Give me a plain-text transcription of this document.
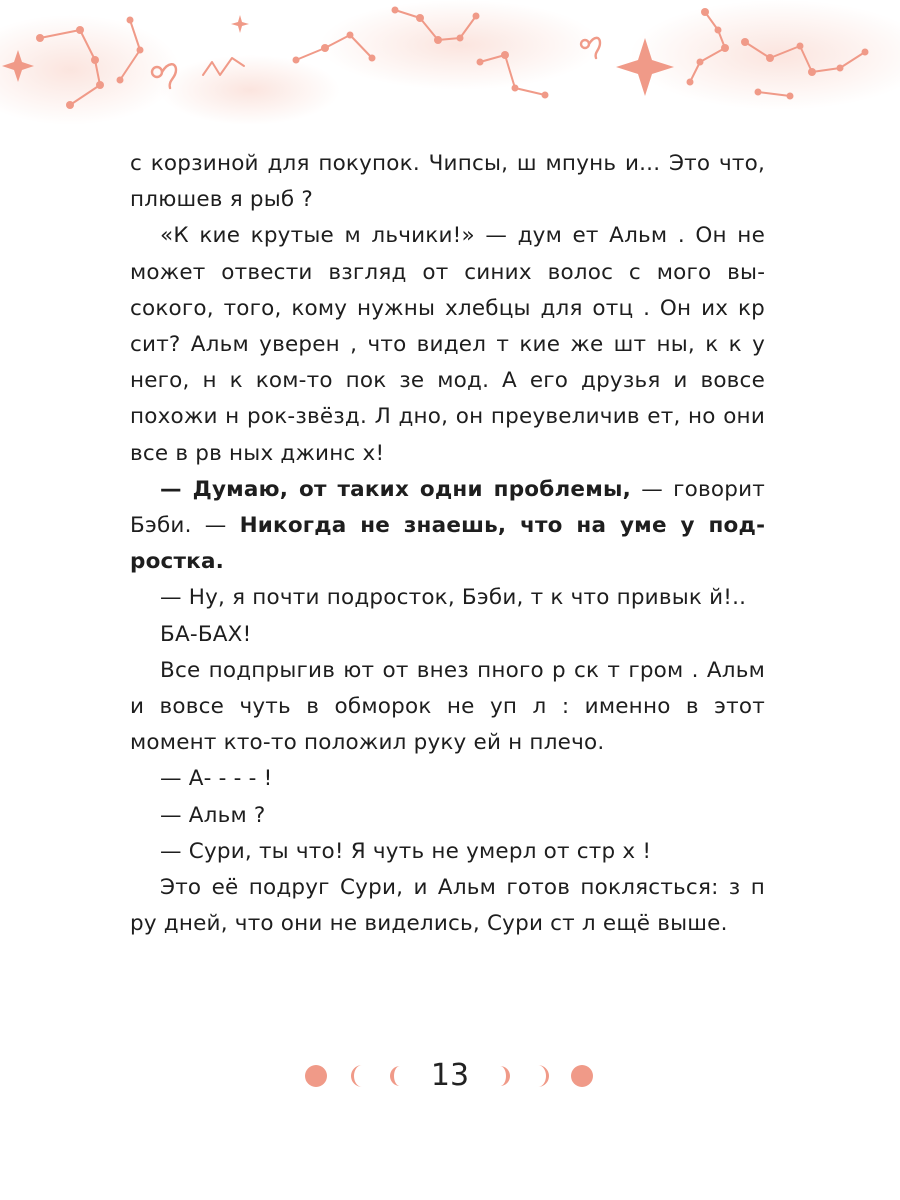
с корзиной для покупок. Чипсы, ш мпунь и... Это что, плюшев я рыб ?

«К кие крутые м льчики!» — дум ет Альм . Он не может отвести взгляд от синих волос с мого высокого, того, кому нужны хлебцы для отц . Он их кр сит? Альм уверен , что видел т кие же шт ны, к к у него, н к ком-то пок зе мод. А его друзья и вовсе похожи н рок-звёзд. Л дно, он преувеличив ет, но они все в рв ных джинс х!

— Думаю, от таких одни проблемы, — говорит Бэби. — Никогда не знаешь, что на уме у подростка.

— Ну, я почти подросток, Бэби, т к что привык й!..

БА-БАХ!

Все подпрыгив ют от внез пного р ск т гром . Альм и вовсе чуть в обморок не уп л : именно в этот момент кто-то положил руку ей н плечо.

— А- - - - !

— Альм ?

— Сури, ты что! Я чуть не умерл от стр х !

Это её подруг Сури, и Альм готов поклясться: з п ру дней, что они не виделись, Сури ст л ещё выше.

13
